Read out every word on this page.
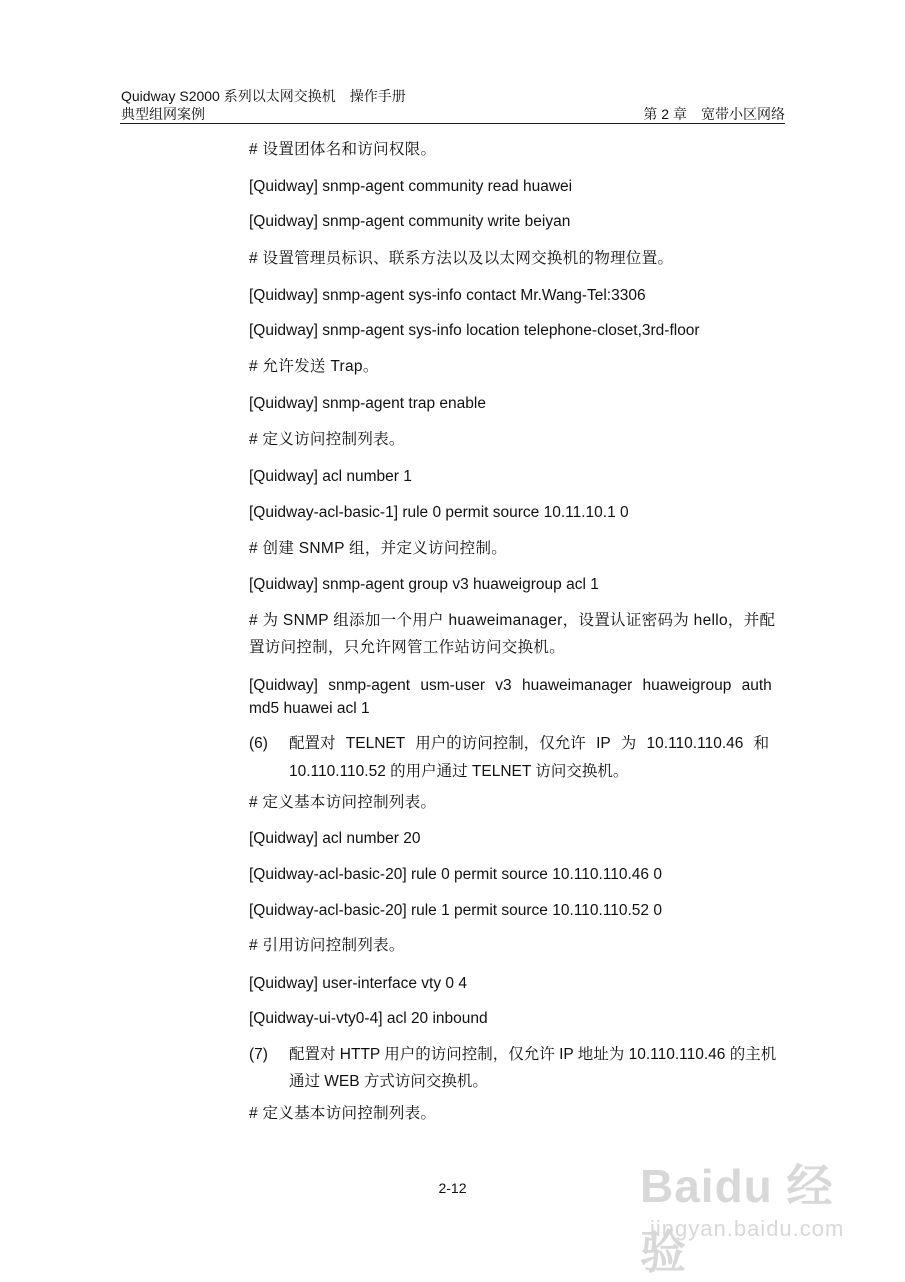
Quidway S2000 系列以太网交换机　操作手册
典型组网案例	第 2 章　宽带小区网络
# 设置团体名和访问权限。
[Quidway] snmp-agent community read huawei
[Quidway] snmp-agent community write beiyan
# 设置管理员标识、联系方法以及以太网交换机的物理位置。
[Quidway] snmp-agent sys-info contact Mr.Wang-Tel:3306
[Quidway] snmp-agent sys-info location telephone-closet,3rd-floor
# 允许发送 Trap。
[Quidway] snmp-agent trap enable
# 定义访问控制列表。
[Quidway] acl number 1
[Quidway-acl-basic-1] rule 0 permit source 10.11.10.1 0
# 创建 SNMP 组，并定义访问控制。
[Quidway] snmp-agent group v3 huaweigroup acl 1
# 为 SNMP 组添加一个用户 huaweimanager，设置认证密码为 hello，并配
置访问控制，只允许网管工作站访问交换机。
[Quidway] snmp-agent usm-user v3 huaweimanager huaweigroup auth
md5 huawei acl 1
(6) 配置对 TELNET 用户的访问控制，仅允许 IP 为 10.110.110.46 和
10.110.110.52 的用户通过 TELNET 访问交换机。
# 定义基本访问控制列表。
[Quidway] acl number 20
[Quidway-acl-basic-20] rule 0 permit source 10.110.110.46 0
[Quidway-acl-basic-20] rule 1 permit source 10.110.110.52 0
# 引用访问控制列表。
[Quidway] user-interface vty 0 4
[Quidway-ui-vty0-4] acl 20 inbound
(7) 配置对 HTTP 用户的访问控制，仅允许 IP 地址为 10.110.110.46 的主机
通过 WEB 方式访问交换机。
# 定义基本访问控制列表。
2-12	Baidu 经验
jingyan.baidu.com
